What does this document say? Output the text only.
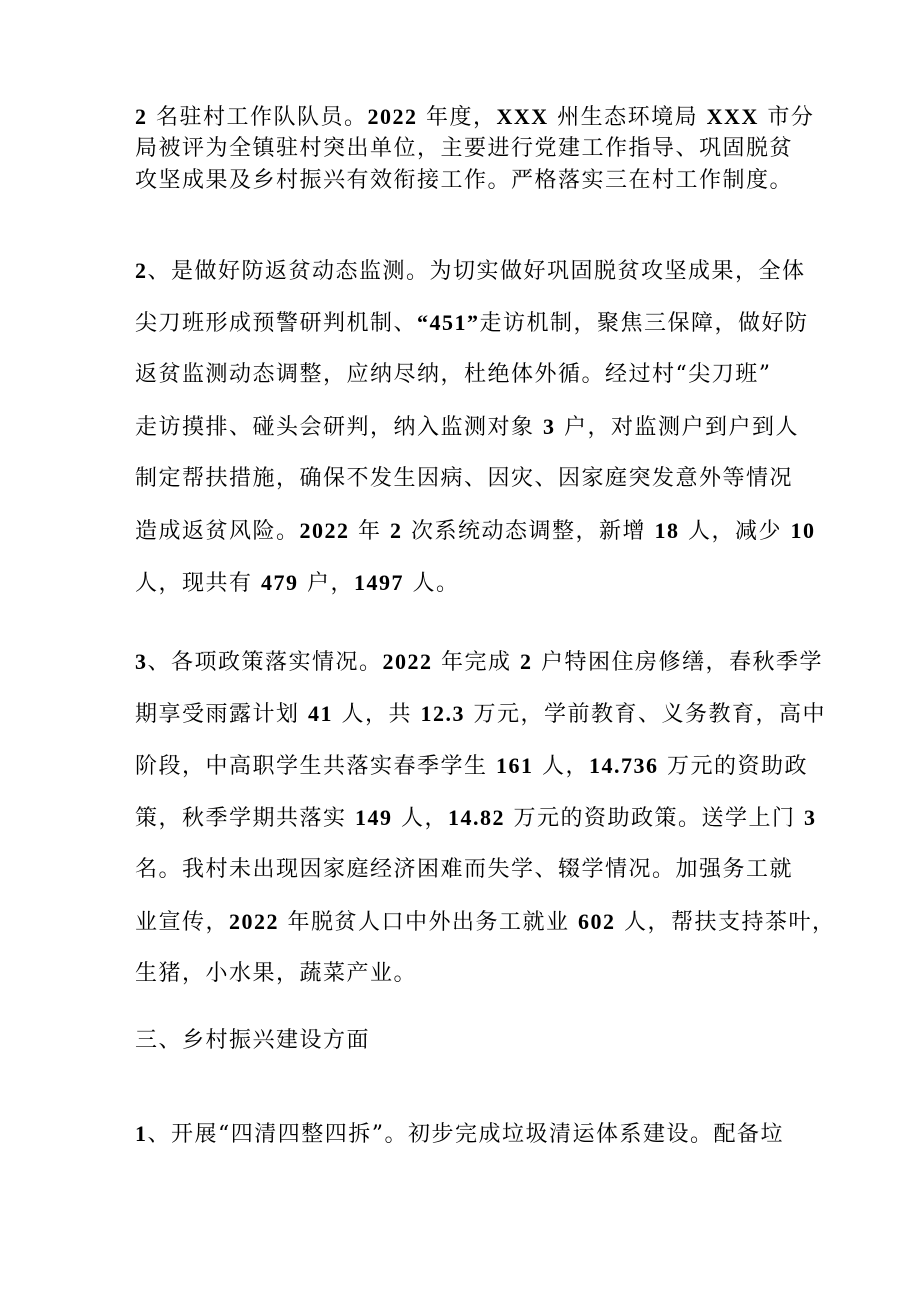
2 名驻村工作队队员。2022 年度，XXX 州生态环境局 XXX 市分
局被评为全镇驻村突出单位，主要进行党建工作指导、巩固脱贫
攻坚成果及乡村振兴有效衔接工作。严格落实三在村工作制度。
2、是做好防返贫动态监测。为切实做好巩固脱贫攻坚成果，全体
尖刀班形成预警研判机制、“451”走访机制，聚焦三保障，做好防
返贫监测动态调整，应纳尽纳，杜绝体外循。经过村“尖刀班”
走访摸排、碰头会研判，纳入监测对象 3 户，对监测户到户到人
制定帮扶措施，确保不发生因病、因灾、因家庭突发意外等情况
造成返贫风险。2022 年 2 次系统动态调整，新增 18 人，减少 10
人，现共有 479 户，1497 人。
3、各项政策落实情况。2022 年完成 2 户特困住房修缮，春秋季学
期享受雨露计划 41 人，共 12.3 万元，学前教育、义务教育，高中
阶段，中高职学生共落实春季学生 161 人，14.736 万元的资助政
策，秋季学期共落实 149 人，14.82 万元的资助政策。送学上门 3
名。我村未出现因家庭经济困难而失学、辍学情况。加强务工就
业宣传，2022 年脱贫人口中外出务工就业 602 人，帮扶支持茶叶，
生猪，小水果，蔬菜产业。
三、乡村振兴建设方面
1、开展“四清四整四拆”。初步完成垃圾清运体系建设。配备垃
